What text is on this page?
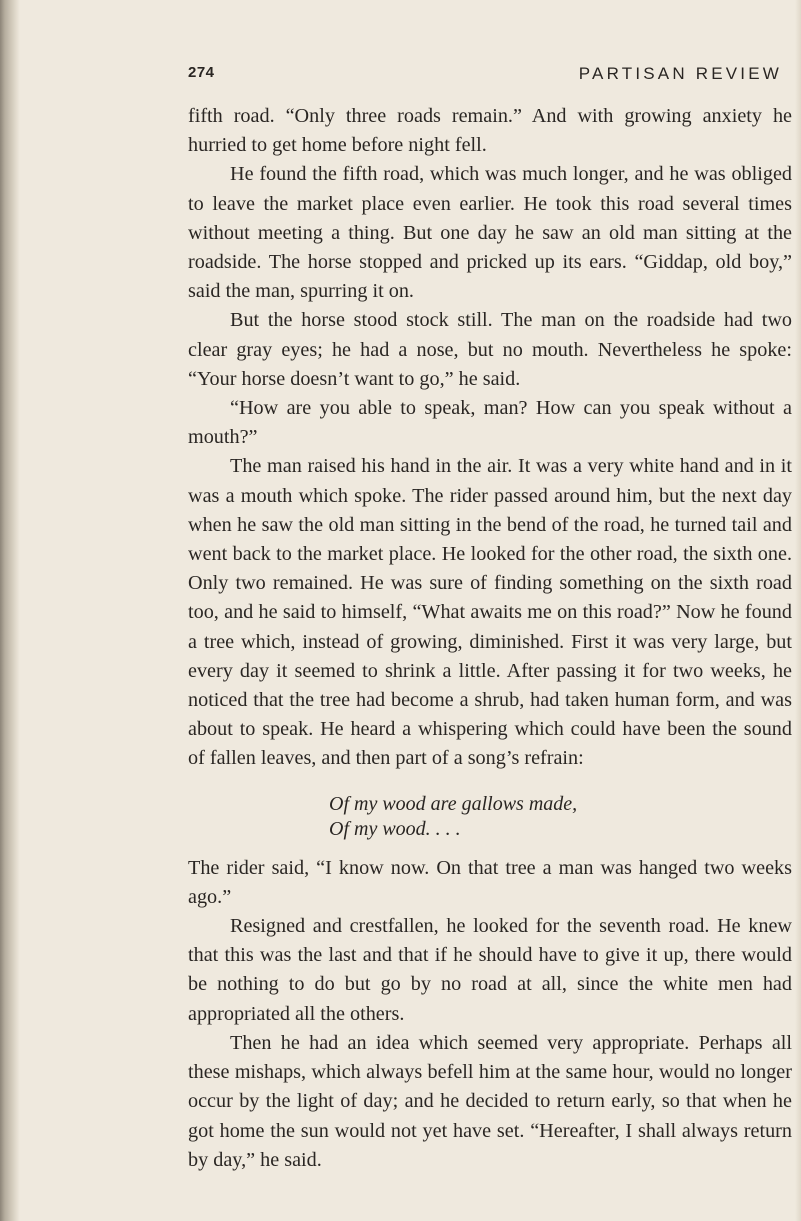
274	PARTISAN REVIEW

fifth road. “Only three roads remain.” And with growing anxiety he hurried to get home before night fell.

He found the fifth road, which was much longer, and he was obliged to leave the market place even earlier. He took this road several times without meeting a thing. But one day he saw an old man sitting at the roadside. The horse stopped and pricked up its ears. “Giddap, old boy,” said the man, spurring it on.

But the horse stood stock still. The man on the roadside had two clear gray eyes; he had a nose, but no mouth. Nevertheless he spoke: “Your horse doesn’t want to go,” he said.

“How are you able to speak, man? How can you speak without a mouth?”

The man raised his hand in the air. It was a very white hand and in it was a mouth which spoke. The rider passed around him, but the next day when he saw the old man sitting in the bend of the road, he turned tail and went back to the market place. He looked for the other road, the sixth one. Only two remained. He was sure of finding something on the sixth road too, and he said to himself, “What awaits me on this road?” Now he found a tree which, instead of growing, diminished. First it was very large, but every day it seemed to shrink a little. After passing it for two weeks, he noticed that the tree had become a shrub, had taken human form, and was about to speak. He heard a whispering which could have been the sound of fallen leaves, and then part of a song’s refrain:

Of my wood are gallows made,
Of my wood. . . .

The rider said, “I know now. On that tree a man was hanged two weeks ago.”

Resigned and crestfallen, he looked for the seventh road. He knew that this was the last and that if he should have to give it up, there would be nothing to do but go by no road at all, since the white men had appropriated all the others.

Then he had an idea which seemed very appropriate. Perhaps all these mishaps, which always befell him at the same hour, would no longer occur by the light of day; and he decided to return early, so that when he got home the sun would not yet have set. “Hereafter, I shall always return by day,” he said.
